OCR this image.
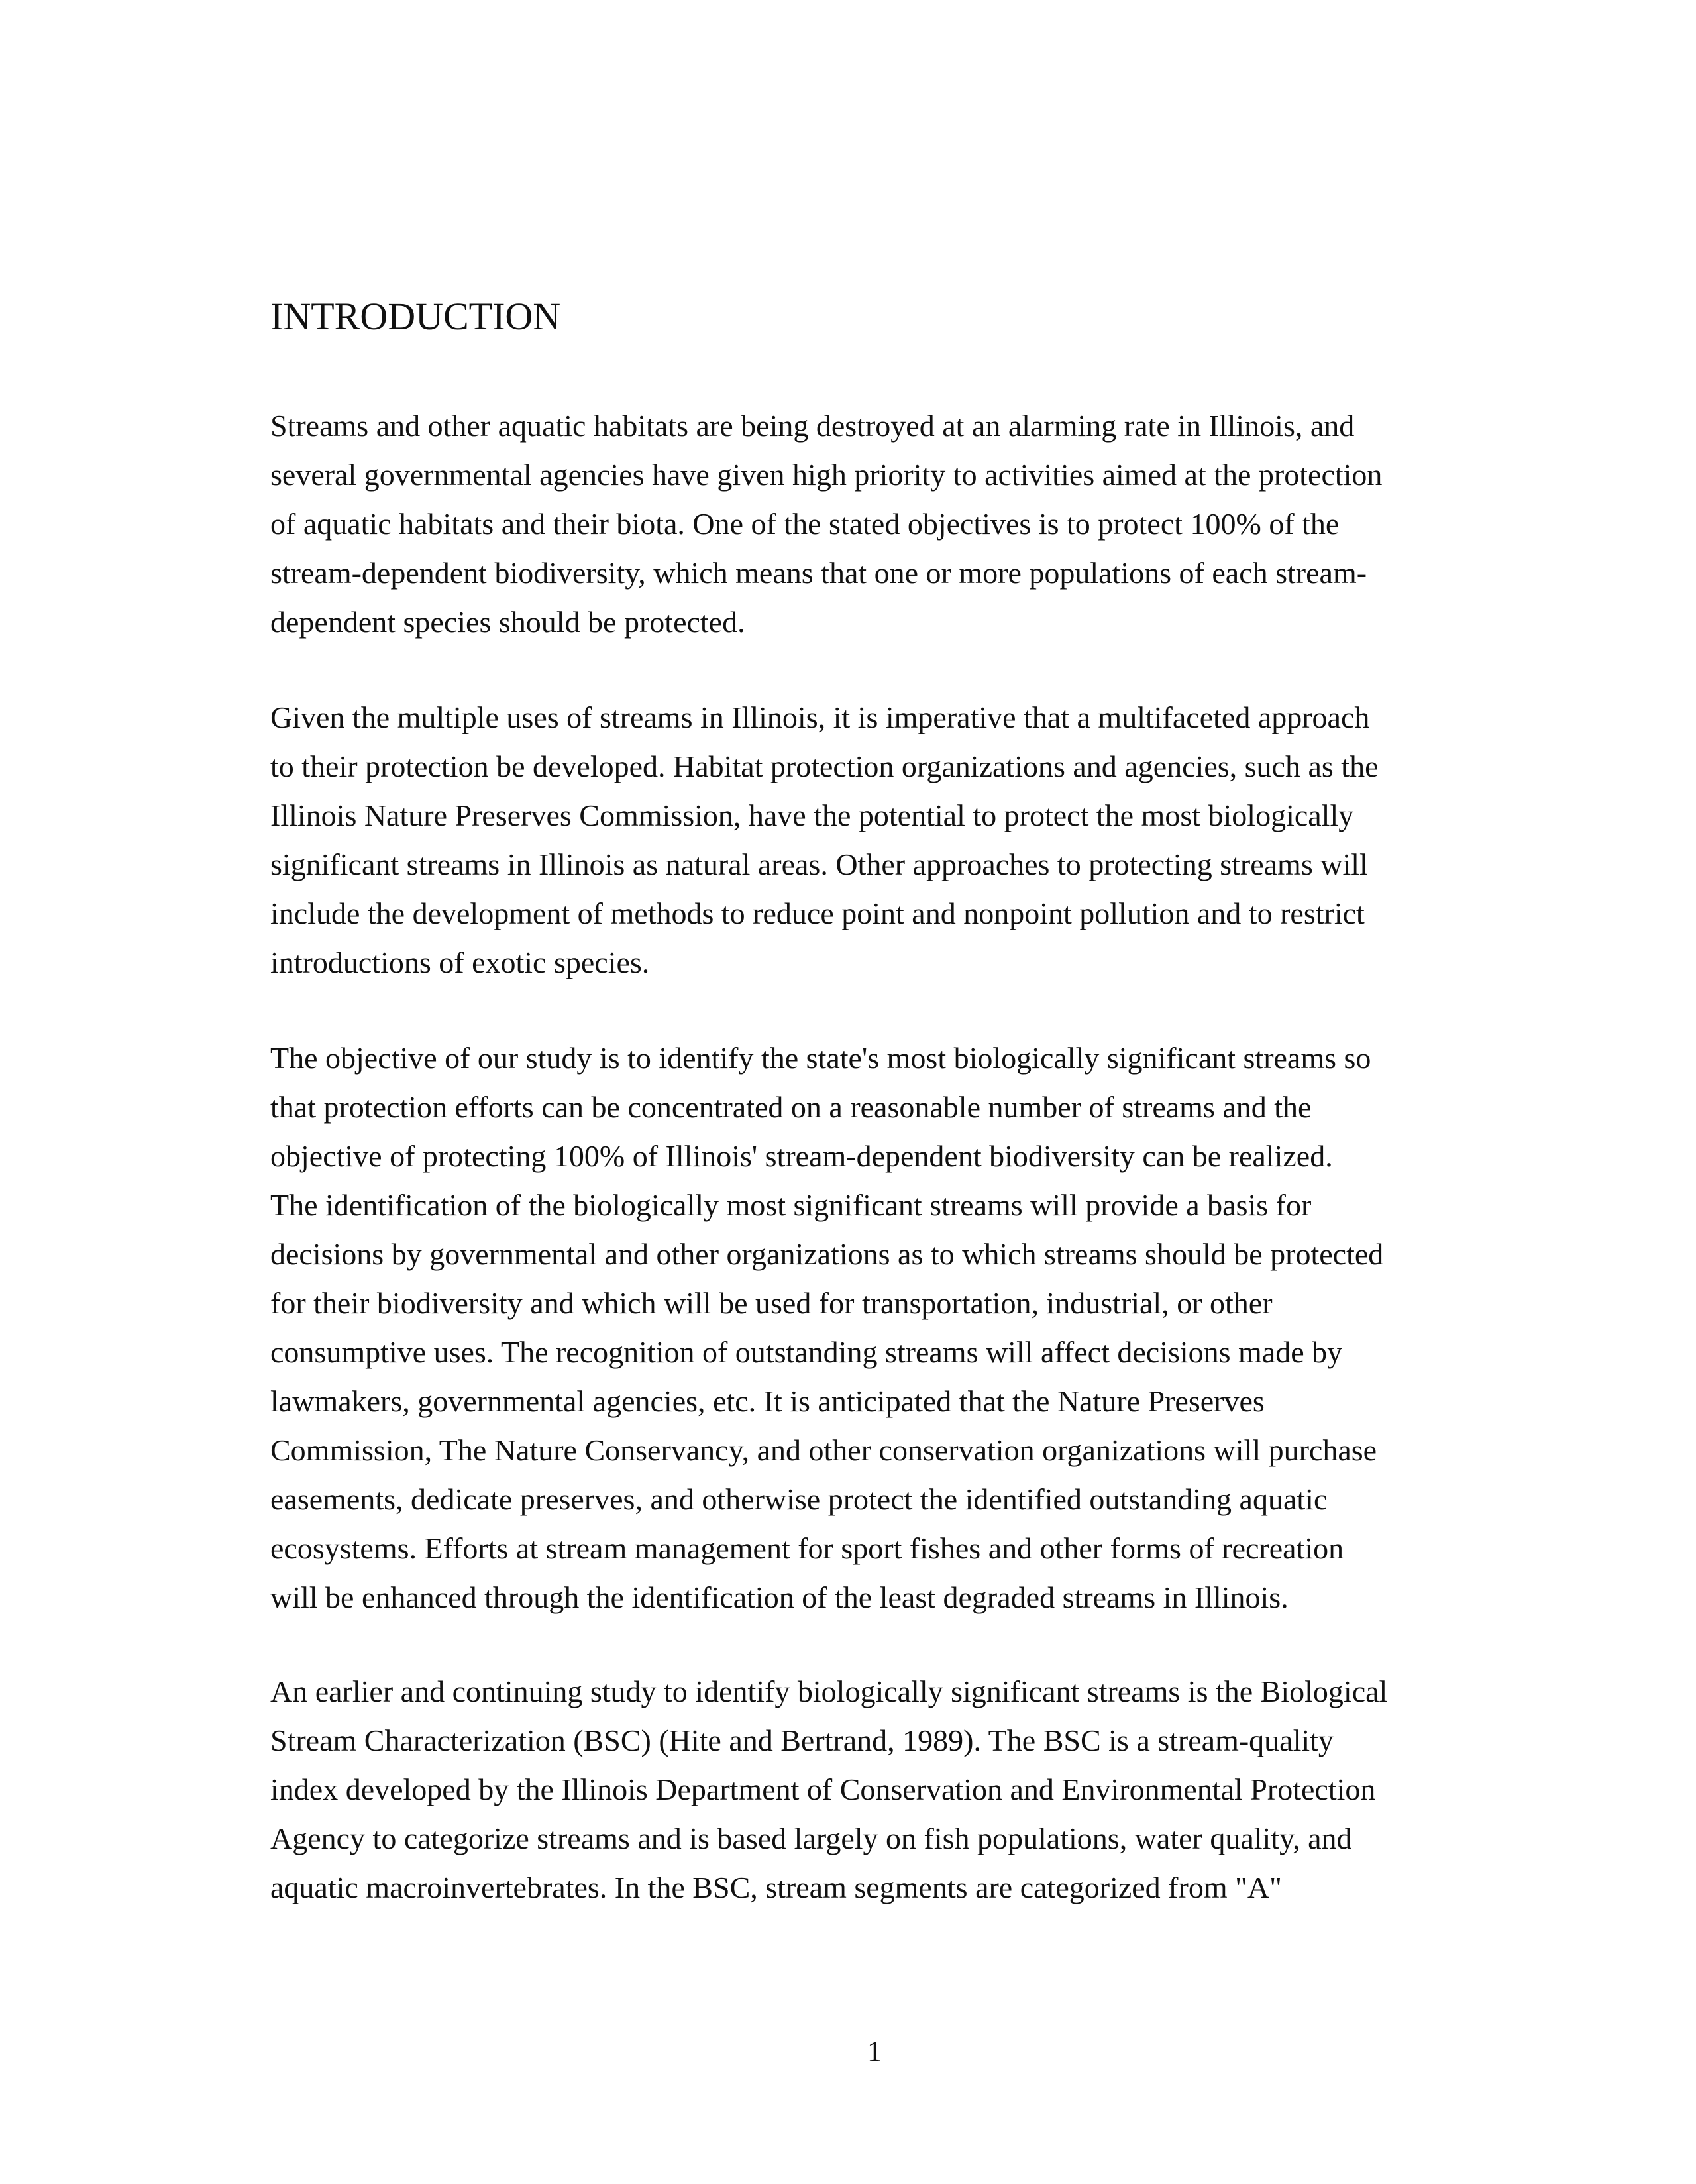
INTRODUCTION

Streams and other aquatic habitats are being destroyed at an alarming rate in Illinois, and
several governmental agencies have given high priority to activities aimed at the protection
of aquatic habitats and their biota. One of the stated objectives is to protect 100% of the
stream-dependent biodiversity, which means that one or more populations of each stream-
dependent species should be protected.

Given the multiple uses of streams in Illinois, it is imperative that a multifaceted approach
to their protection be developed. Habitat protection organizations and agencies, such as the
Illinois Nature Preserves Commission, have the potential to protect the most biologically
significant streams in Illinois as natural areas. Other approaches to protecting streams will
include the development of methods to reduce point and nonpoint pollution and to restrict
introductions of exotic species.

The objective of our study is to identify the state's most biologically significant streams so
that protection efforts can be concentrated on a reasonable number of streams and the
objective of protecting 100% of Illinois' stream-dependent biodiversity can be realized.
The identification of the biologically most significant streams will provide a basis for
decisions by governmental and other organizations as to which streams should be protected
for their biodiversity and which will be used for transportation, industrial, or other
consumptive uses. The recognition of outstanding streams will affect decisions made by
lawmakers, governmental agencies, etc. It is anticipated that the Nature Preserves
Commission, The Nature Conservancy, and other conservation organizations will purchase
easements, dedicate preserves, and otherwise protect the identified outstanding aquatic
ecosystems. Efforts at stream management for sport fishes and other forms of recreation
will be enhanced through the identification of the least degraded streams in Illinois.

An earlier and continuing study to identify biologically significant streams is the Biological
Stream Characterization (BSC) (Hite and Bertrand, 1989). The BSC is a stream-quality
index developed by the Illinois Department of Conservation and Environmental Protection
Agency to categorize streams and is based largely on fish populations, water quality, and
aquatic macroinvertebrates. In the BSC, stream segments are categorized from "A"

1
